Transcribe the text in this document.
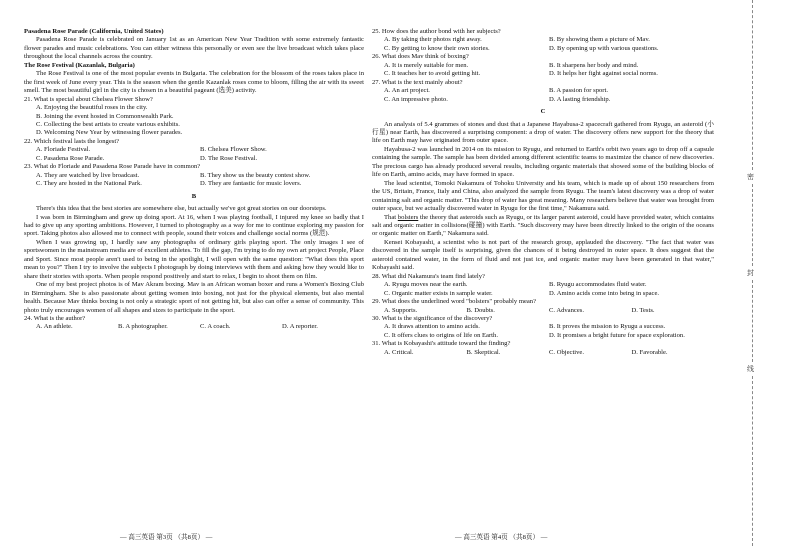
Pasadena Rose Parade (California, United States)

Pasadena Rose Parade is celebrated on January 1st as an American New Year Tradition with some extremely fantastic flower parades and music celebrations. You can either witness this personally or even see the live broadcast which takes place throughout the local channels across the country.

The Rose Festival (Kazanlak, Bulgaria)

The Rose Festival is one of the most popular events in Bulgaria. The celebration for the blossom of the roses takes place in the first week of June every year. This is the season when the gentle Kazanlak roses come to bloom, filling the air with its sweet smell. The most beautiful girl in the city is chosen in a beautiful pageant (选美) activity.

21. What is special about Chelsea Flower Show?

A. Enjoying the beautiful roses in the city.
B. Joining the event hosted in Commonwealth Park.
C. Collecting the best artists to create various exhibits.
D. Welcoming New Year by witnessing flower parades.

22. Which festival lasts the longest?

A. Floriade Festival.	B. Chelsea Flower Show.
C. Pasadena Rose Parade.	D. The Rose Festival.

23. What do Floriade and Pasadena Rose Parade have in common?

A. They are watched by live broadcast.	B. They show us the beauty contest show.
C. They are hosted in the National Park.	D. They are fantastic for music lovers.
B

There's this idea that the best stories are somewhere else, but actually we've got great stories on our doorsteps.

I was born in Birmingham and grew up doing sport. At 16, when I was playing football, I injured my knee so badly that I had to give up any sporting ambitions. However, I turned to photography as a way for me to continue exploring my passion for sport. Taking photos also allowed me to connect with people, sound their voices and challenge social norms (规范).

When I was growing up, I hardly saw any photographs of ordinary girls playing sport. The only images I see of sportswomen in the mainstream media are of excellent athletes. To fill the gap, I'm trying to do my own art project People, Place and Sport. Since most people aren't used to being in the spotlight, I will open with the same question: "What does this sport mean to you?" Then I try to involve the subjects I photograph by doing interviews with them and asking how they would like to share their stories with sports. When people respond positively and start to relax, I begin to shoot them on film.

One of my best project photos is of Mav Akram boxing. Mav is an African woman boxer and runs a Women's Boxing Club in Birmingham. She is also passionate about getting women into boxing, not just for the physical elements, but also mental health. Because Mav thinks boxing is not only a strategic sport of not getting hit, but also can offer a sense of community. This photo truly encourages women of all shapes and sizes to participate in the sport.

24. What is the author?

A. An athlete.	B. A photographer.	C. A coach.	D. A reporter.

25. How does the author bond with her subjects?

A. By taking their photos right away.	B. By showing them a picture of Mav.
C. By getting to know their own stories.	D. By opening up with various questions.

26. What does Mav think of boxing?

A. It is merely suitable for men.	B. It sharpens her body and mind.
C. It teaches her to avoid getting hit.	D. It helps her fight against social norms.

27. What is the text mainly about?

A. An art project.	B. A passion for sport.
C. An impressive photo.	D. A lasting friendship.
C

An analysis of 5.4 grammes of stones and dust that a Japanese Hayabusa-2 spacecraft gathered from Ryugu, an asteroid (小行星) near Earth, has discovered a surprising component: a drop of water. The discovery offers new support for the theory that life on Earth may have originated from outer space.

Hayabusa-2 was launched in 2014 on its mission to Ryugu, and returned to Earth's orbit two years ago to drop off a capsule containing the sample. The sample has been divided among different scientific teams to maximize the chance of new discoveries. The precious cargo has already produced several results, including organic materials that showed some of the building blocks of life on Earth, amino acids, may have formed in space.

The lead scientist, Tomoki Nakamura of Tohoku University and his team, which is made up of about 150 researchers from the US, Britain, France, Italy and China, also analyzed the sample from Ryugu. The team's latest discovery was a drop of water containing salt and organic matter. "This drop of water has great meaning. Many researchers believe that water was brought from outer space, but we actually discovered water in Ryugu for the first time," Nakamura said.

That bolsters the theory that asteroids such as Ryugu, or its larger parent asteroid, could have provided water, which contains salt and organic matter in collisions(碰撞) with Earth. "Such discovery may have been directly linked to the origin of the oceans or organic matter on Earth," Nakamura said.

Kensei Kobayashi, a scientist who is not part of the research group, applauded the discovery. "The fact that water was discovered in the sample itself is surprising, given the chances of it being destroyed in outer space. It does suggest that the asteroid contained water, in the form of fluid and not just ice, and organic matter may have been generated in that water," Kobayashi said.

28. What did Nakamura's team find lately?

A. Ryugu moves near the earth.	B. Ryugu accommodates fluid water.
C. Organic matter exists in sample water.	D. Amino acids come into being in space.

29. What does the underlined word "bolsters" probably mean?

A. Supports.	B. Doubts.	C. Advances.	D. Tests.

30. What is the significance of the discovery?

A. It draws attention to amino acids.	B. It proves the mission to Ryugu a success.
C. It offers clues to origins of life on Earth.	D. It promises a bright future for space exploration.

31. What is Kobayashi's attitude toward the finding?

A. Critical.	B. Skeptical.	C. Objective.	D. Favorable.
— 高三英语 第3页 （共8页） —	— 高三英语 第4页 （共8页） —
密
封
线
